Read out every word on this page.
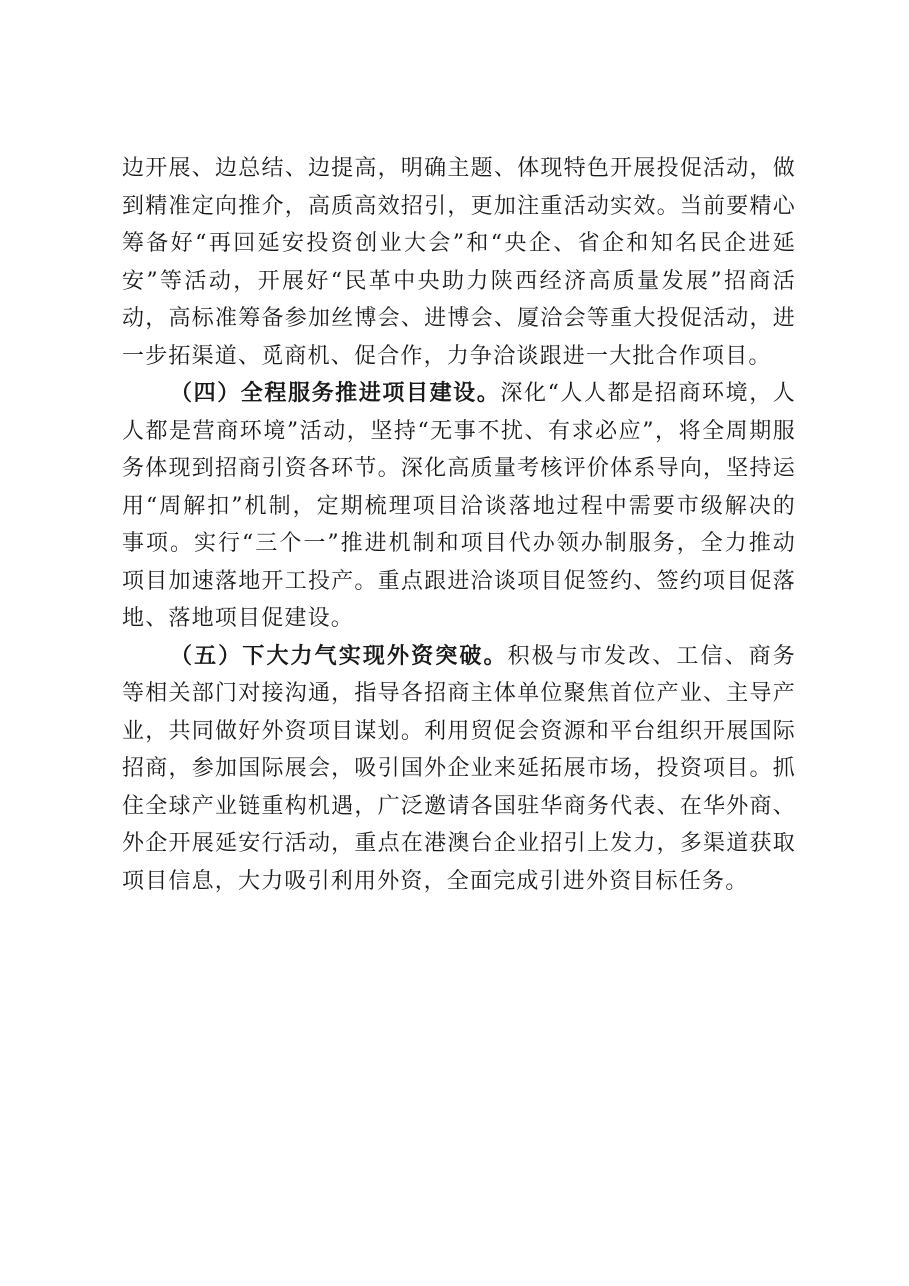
边开展、边总结、边提高，明确主题、体现特色开展投促活动，做到精准定向推介，高质高效招引，更加注重活动实效。当前要精心筹备好“再回延安投资创业大会”和“央企、省企和知名民企进延安”等活动，开展好“民革中央助力陕西经济高质量发展”招商活动，高标准筹备参加丝博会、进博会、厦洽会等重大投促活动，进一步拓渠道、觅商机、促合作，力争洽谈跟进一大批合作项目。

（四）全程服务推进项目建设。深化“人人都是招商环境，人人都是营商环境”活动，坚持“无事不扰、有求必应”，将全周期服务体现到招商引资各环节。深化高质量考核评价体系导向，坚持运用“周解扣”机制，定期梳理项目洽谈落地过程中需要市级解决的事项。实行“三个一”推进机制和项目代办领办制服务，全力推动项目加速落地开工投产。重点跟进洽谈项目促签约、签约项目促落地、落地项目促建设。

（五）下大力气实现外资突破。积极与市发改、工信、商务等相关部门对接沟通，指导各招商主体单位聚焦首位产业、主导产业，共同做好外资项目谋划。利用贸促会资源和平台组织开展国际招商，参加国际展会，吸引国外企业来延拓展市场，投资项目。抓住全球产业链重构机遇，广泛邀请各国驻华商务代表、在华外商、外企开展延安行活动，重点在港澳台企业招引上发力，多渠道获取项目信息，大力吸引利用外资，全面完成引进外资目标任务。
